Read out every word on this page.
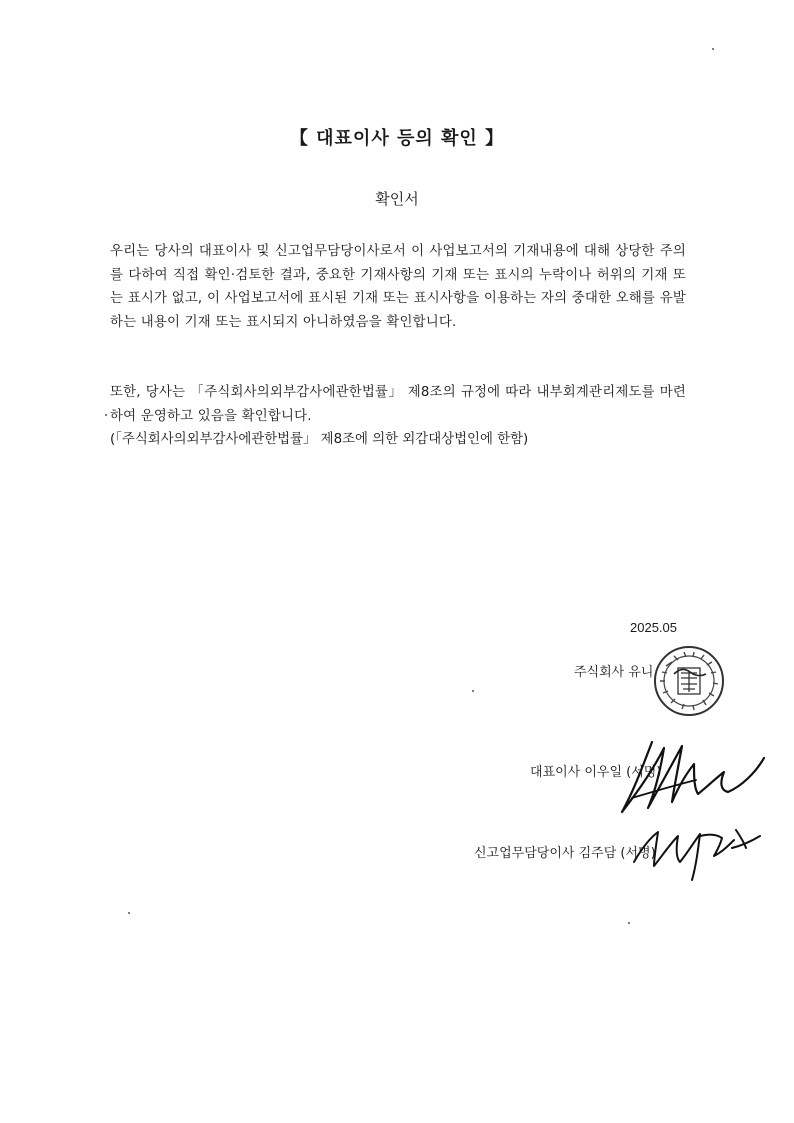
【 대표이사 등의 확인 】
확인서
우리는 당사의 대표이사 및 신고업무담당이사로서 이 사업보고서의 기재내용에 대해 상당한 주의를 다하여 직접 확인·검토한 결과, 중요한 기재사항의 기재 또는 표시의 누락이나 허위의 기재 또는 표시가 없고, 이 사업보고서에 표시된 기재 또는 표시사항을 이용하는 자의 중대한 오해를 유발하는 내용이 기재 또는 표시되지 아니하였음을 확인합니다.
또한, 당사는 「주식회사의외부감사에관한법률」 제8조의 규정에 따라 내부회계관리제도를 마련하여 운영하고 있음을 확인합니다.
(「주식회사의외부감사에관한법률」 제8조에 의한 외감대상법인에 한함)
2025.05
주식회사 유니
대표이사 이우일 (서명)
신고업무담당이사 김주담 (서명)
